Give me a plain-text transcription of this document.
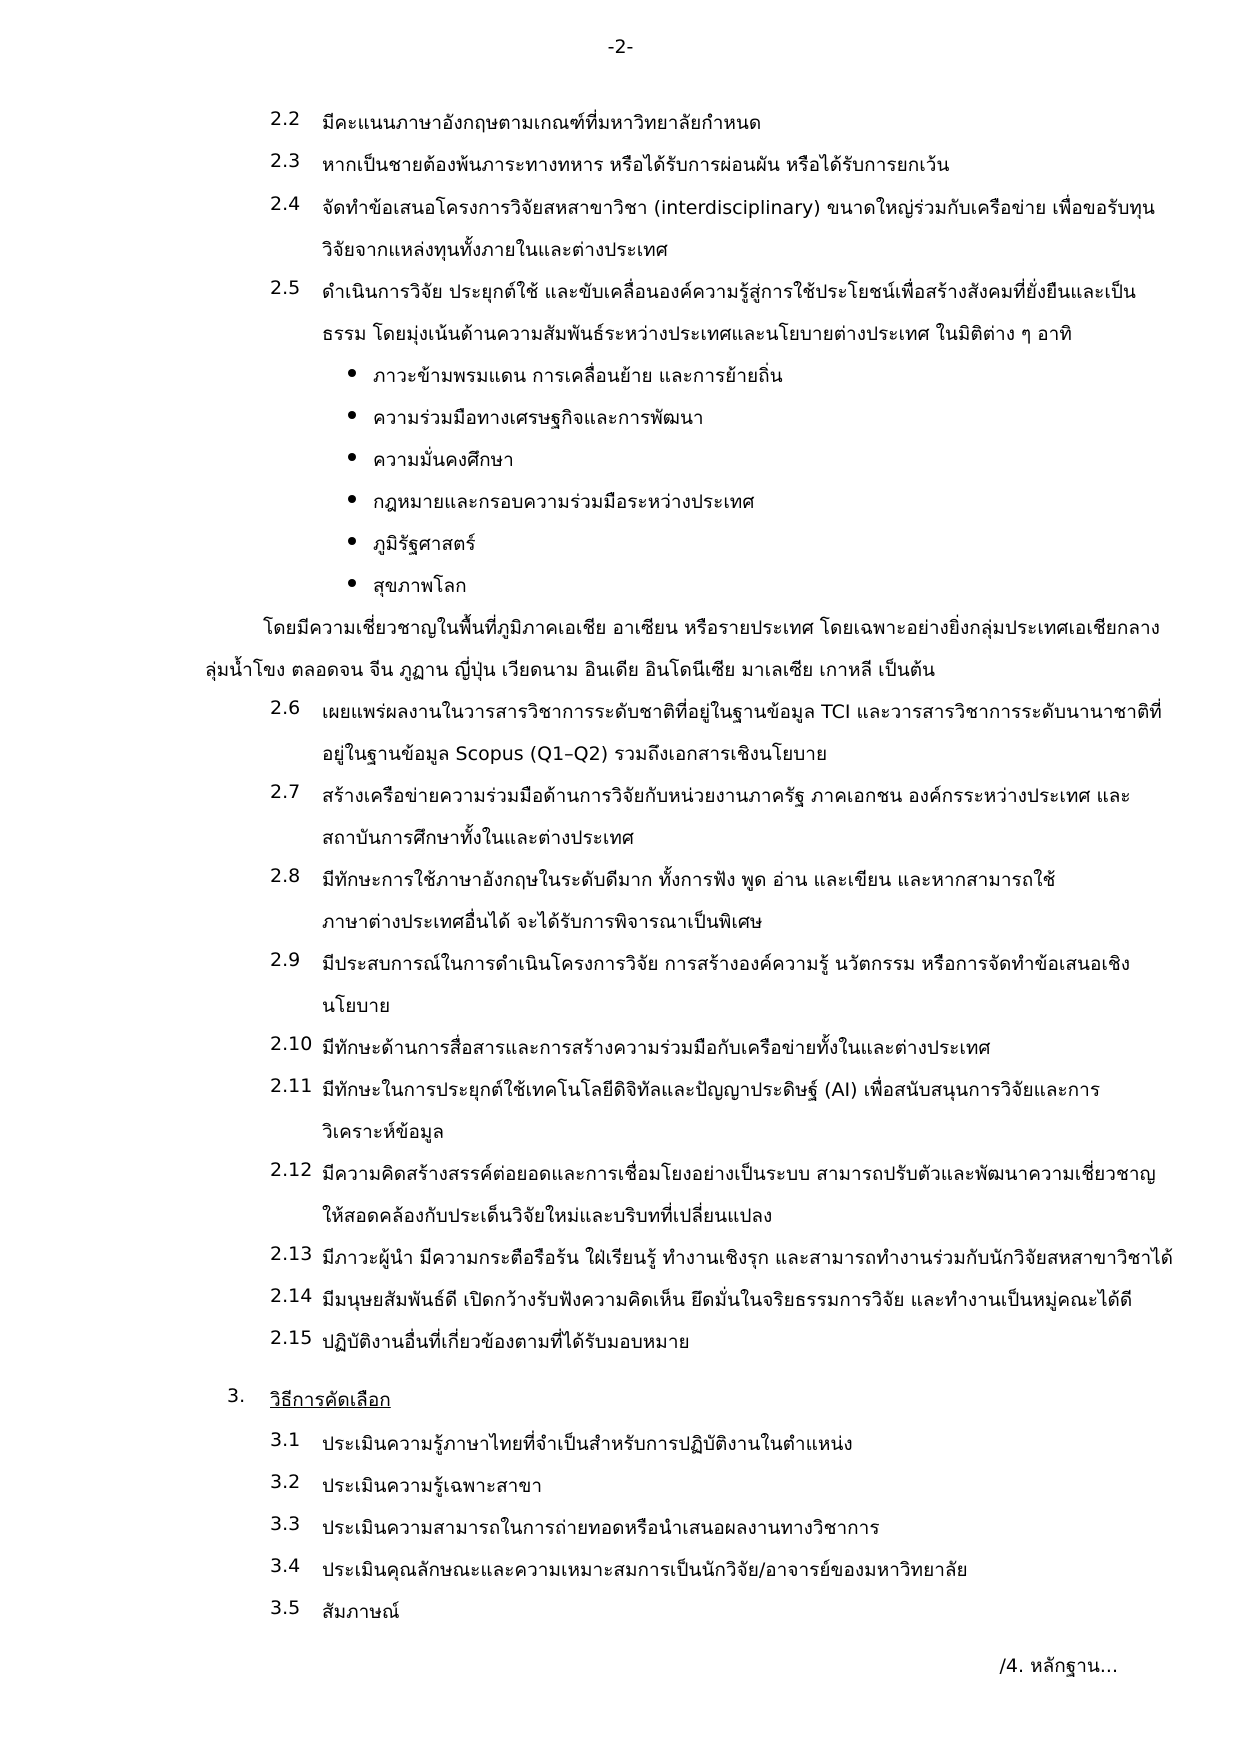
-2-
2.2 มีคะแนนภาษาอังกฤษตามเกณฑ์ที่มหาวิทยาลัยกำหนด
2.3 หากเป็นชายต้องพ้นภาระทางทหาร หรือได้รับการผ่อนผัน หรือได้รับการยกเว้น
2.4 จัดทำข้อเสนอโครงการวิจัยสหสาขาวิชา (interdisciplinary) ขนาดใหญ่ร่วมกับเครือข่าย เพื่อขอรับทุน
วิจัยจากแหล่งทุนทั้งภายในและต่างประเทศ
2.5 ดำเนินการวิจัย ประยุกต์ใช้ และขับเคลื่อนองค์ความรู้สู่การใช้ประโยชน์เพื่อสร้างสังคมที่ยั่งยืนและเป็น
ธรรม โดยมุ่งเน้นด้านความสัมพันธ์ระหว่างประเทศและนโยบายต่างประเทศ ในมิติต่าง ๆ อาทิ
ภาวะข้ามพรมแดน การเคลื่อนย้าย และการย้ายถิ่น
ความร่วมมือทางเศรษฐกิจและการพัฒนา
ความมั่นคงศึกษา
กฎหมายและกรอบความร่วมมือระหว่างประเทศ
ภูมิรัฐศาสตร์
สุขภาพโลก
โดยมีความเชี่ยวชาญในพื้นที่ภูมิภาคเอเชีย อาเซียน หรือรายประเทศ โดยเฉพาะอย่างยิ่งกลุ่มประเทศเอเชียกลาง
ลุ่มน้ำโขง ตลอดจน จีน ภูฏาน ญี่ปุ่น เวียดนาม อินเดีย อินโดนีเซีย มาเลเซีย เกาหลี เป็นต้น
2.6 เผยแพร่ผลงานในวารสารวิชาการระดับชาติที่อยู่ในฐานข้อมูล TCI และวารสารวิชาการระดับนานาชาติที่
อยู่ในฐานข้อมูล Scopus (Q1–Q2) รวมถึงเอกสารเชิงนโยบาย
2.7 สร้างเครือข่ายความร่วมมือด้านการวิจัยกับหน่วยงานภาครัฐ ภาคเอกชน องค์กรระหว่างประเทศ และ
สถาบันการศึกษาทั้งในและต่างประเทศ
2.8 มีทักษะการใช้ภาษาอังกฤษในระดับดีมาก ทั้งการฟัง พูด อ่าน และเขียน และหากสามารถใช้
ภาษาต่างประเทศอื่นได้ จะได้รับการพิจารณาเป็นพิเศษ
2.9 มีประสบการณ์ในการดำเนินโครงการวิจัย การสร้างองค์ความรู้ นวัตกรรม หรือการจัดทำข้อเสนอเชิง
นโยบาย
2.10 มีทักษะด้านการสื่อสารและการสร้างความร่วมมือกับเครือข่ายทั้งในและต่างประเทศ
2.11 มีทักษะในการประยุกต์ใช้เทคโนโลยีดิจิทัลและปัญญาประดิษฐ์ (AI) เพื่อสนับสนุนการวิจัยและการ
วิเคราะห์ข้อมูล
2.12 มีความคิดสร้างสรรค์ต่อยอดและการเชื่อมโยงอย่างเป็นระบบ สามารถปรับตัวและพัฒนาความเชี่ยวชาญ
ให้สอดคล้องกับประเด็นวิจัยใหม่และบริบทที่เปลี่ยนแปลง
2.13 มีภาวะผู้นำ มีความกระตือรือร้น ใฝ่เรียนรู้ ทำงานเชิงรุก และสามารถทำงานร่วมกับนักวิจัยสหสาขาวิชาได้
2.14 มีมนุษยสัมพันธ์ดี เปิดกว้างรับฟังความคิดเห็น ยึดมั่นในจริยธรรมการวิจัย และทำงานเป็นหมู่คณะได้ดี
2.15 ปฏิบัติงานอื่นที่เกี่ยวข้องตามที่ได้รับมอบหมาย
3. วิธีการคัดเลือก
3.1 ประเมินความรู้ภาษาไทยที่จำเป็นสำหรับการปฏิบัติงานในตำแหน่ง
3.2 ประเมินความรู้เฉพาะสาขา
3.3 ประเมินความสามารถในการถ่ายทอดหรือนำเสนอผลงานทางวิชาการ
3.4 ประเมินคุณลักษณะและความเหมาะสมการเป็นนักวิจัย/อาจารย์ของมหาวิทยาลัย
3.5 สัมภาษณ์
/4. หลักฐาน...
